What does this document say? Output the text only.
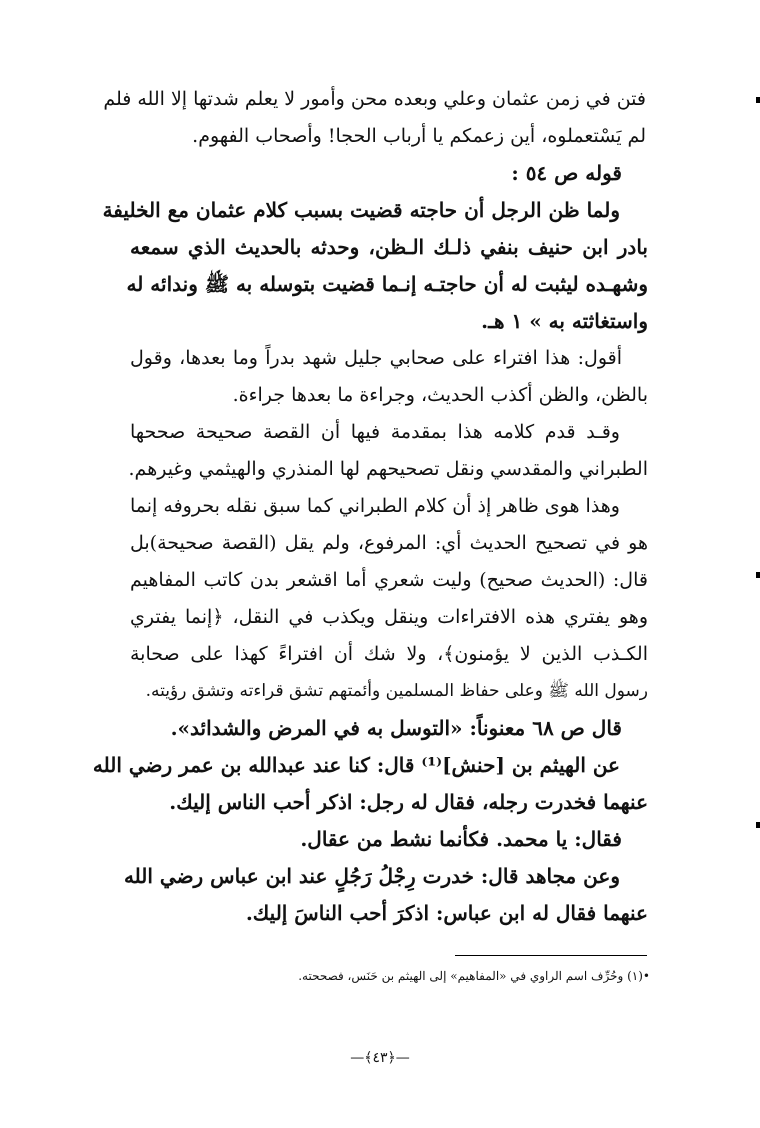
فتن في زمن عثمان وعلي وبعده محن وأمور لا يعلم شدتها إلا الله فلم
لم يَسْتعملوه، أين زعمكم يا أرباب الحجا! وأصحاب الفهوم.
قوله ص ٥٤ :
ولما ظن الرجل أن حاجته قضيت بسبب كلام عثمان مع الخليفة
بادر ابن حنيف بنفي ذلـك الـظن، وحدثه بالحديث الذي سمعه
وشهـده ليثبت له أن حاجتـه إنـما قضيت بتوسله به ﷺ وندائه له
واستغاثته به » ١ هـ.
أقول: هذا افتراء على صحابي جليل شهد بدراً وما بعدها، وقول
بالظن، والظن أكذب الحديث، وجراءة ما بعدها جراءة.
وقـد قدم كلامه هذا بمقدمة فيها أن القصة صحيحة صححها
الطبراني والمقدسي ونقل تصحيحهم لها المنذري والهيثمي وغيرهم.
وهذا هوى ظاهر إذ أن كلام الطبراني كما سبق نقله بحروفه إنما
هو في تصحيح الحديث أي: المرفوع، ولم يقل (القصة صحيحة)بل
قال: (الحديث صحيح) وليت شعري أما اقشعر بدن كاتب المفاهيم
وهو يفتري هذه الافتراءات وينقل ويكذب في النقل، ﴿إنما يفتري
الكـذب الذين لا يؤمنون﴾، ولا شك أن افتراءً كهذا على صحابة
رسول الله ﷺ وعلى حفاظ المسلمين وأئمتهم تشق قراءته وتشق رؤيته.
قال ص ٦٨ معنوناً: «التوسل به في المرض والشدائد».
عن الهيثم بن [حنش]⁽¹⁾ قال: كنا عند عبدالله بن عمر رضي الله
عنهما فخدرت رجله، فقال له رجل: اذكر أحب الناس إليك.
فقال: يا محمد. فكأنما نشط من عقال.
وعن مجاهد قال: خدرت رِجْلُ رَجُلٍ عند ابن عباس رضي الله
عنهما فقال له ابن عباس: اذكرَ أحب الناسَ إليك.
•(١) وحُرِّف اسم الراوي في «المفاهيم» إلى الهيثم بن حَنَس، فصححته.
—﴿٤٣﴾—
